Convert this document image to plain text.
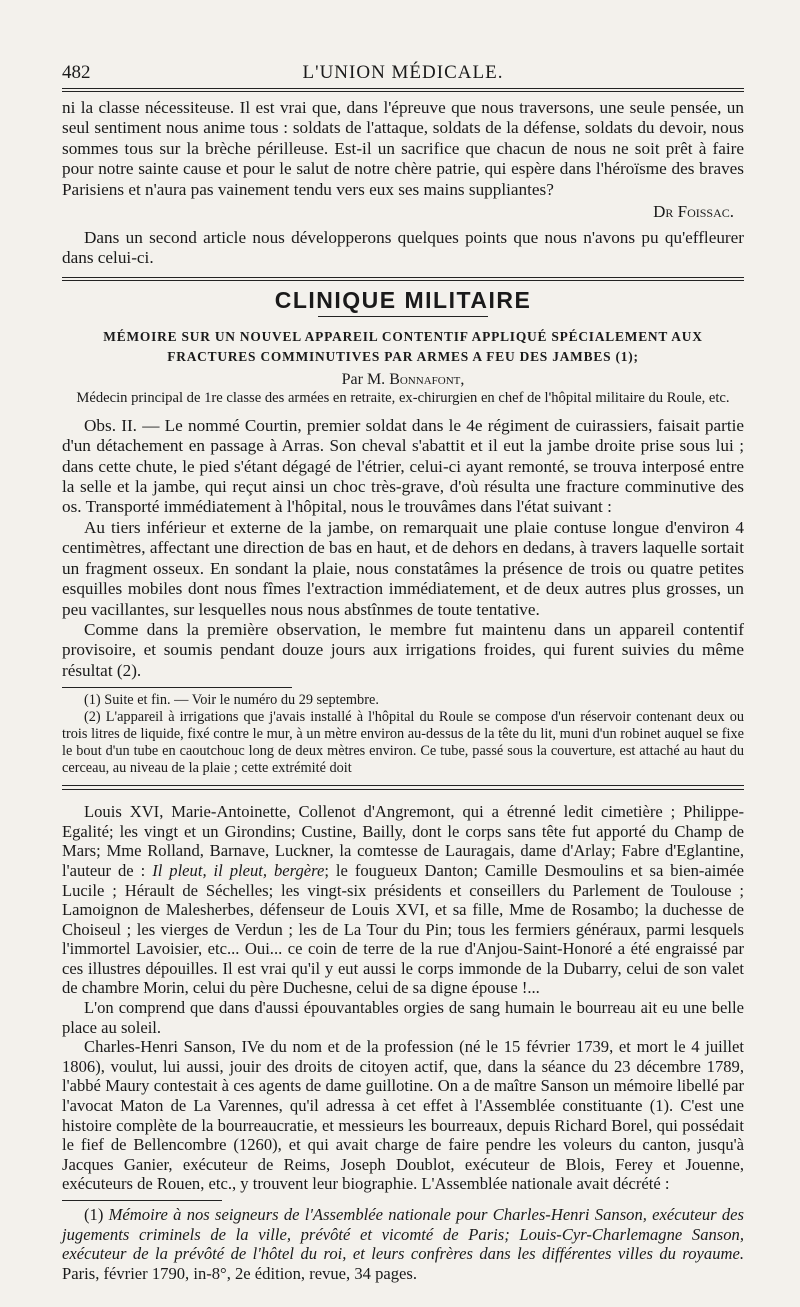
482	L'UNION MÉDICALE.

ni la classe nécessiteuse. Il est vrai que, dans l'épreuve que nous traversons, une seule pensée, un seul sentiment nous anime tous : soldats de l'attaque, soldats de la défense, soldats du devoir, nous sommes tous sur la brèche périlleuse. Est-il un sacrifice que chacun de nous ne soit prêt à faire pour notre sainte cause et pour le salut de notre chère patrie, qui espère dans l'héroïsme des braves Parisiens et n'aura pas vainement tendu vers eux ses mains suppliantes?

Dr Foissac.

Dans un second article nous développerons quelques points que nous n'avons pu qu'effleurer dans celui-ci.

CLINIQUE MILITAIRE
MÉMOIRE SUR UN NOUVEL APPAREIL CONTENTIF APPLIQUÉ SPÉCIALEMENT AUX FRACTURES COMMINUTIVES PAR ARMES A FEU DES JAMBES (1);
Par M. Bonnafont,
Médecin principal de 1re classe des armées en retraite, ex-chirurgien en chef de l'hôpital militaire du Roule, etc.

Obs. II. — Le nommé Courtin, premier soldat dans le 4e régiment de cuirassiers, faisait partie d'un détachement en passage à Arras. Son cheval s'abattit et il eut la jambe droite prise sous lui ; dans cette chute, le pied s'étant dégagé de l'étrier, celui-ci ayant remonté, se trouva interposé entre la selle et la jambe, qui reçut ainsi un choc très-grave, d'où résulta une fracture comminutive des os. Transporté immédiatement à l'hôpital, nous le trouvâmes dans l'état suivant :

Au tiers inférieur et externe de la jambe, on remarquait une plaie contuse longue d'environ 4 centimètres, affectant une direction de bas en haut, et de dehors en dedans, à travers laquelle sortait un fragment osseux. En sondant la plaie, nous constatâmes la présence de trois ou quatre petites esquilles mobiles dont nous fîmes l'extraction immédiatement, et de deux autres plus grosses, un peu vacillantes, sur lesquelles nous nous abstînmes de toute tentative.

Comme dans la première observation, le membre fut maintenu dans un appareil contentif provisoire, et soumis pendant douze jours aux irrigations froides, qui furent suivies du même résultat (2).

(1) Suite et fin. — Voir le numéro du 29 septembre.

(2) L'appareil à irrigations que j'avais installé à l'hôpital du Roule se compose d'un réservoir contenant deux ou trois litres de liquide, fixé contre le mur, à un mètre environ au-dessus de la tête du lit, muni d'un robinet auquel se fixe le bout d'un tube en caoutchouc long de deux mètres environ. Ce tube, passé sous la couverture, est attaché au haut du cerceau, au niveau de la plaie ; cette extrémité doit

Louis XVI, Marie-Antoinette, Collenot d'Angremont, qui a étrenné ledit cimetière ; Philippe-Egalité; les vingt et un Girondins; Custine, Bailly, dont le corps sans tête fut apporté du Champ de Mars; Mme Rolland, Barnave, Luckner, la comtesse de Lauragais, dame d'Arlay; Fabre d'Eglantine, l'auteur de : Il pleut, il pleut, bergère; le fougueux Danton; Camille Desmoulins et sa bien-aimée Lucile ; Hérault de Séchelles; les vingt-six présidents et conseillers du Parlement de Toulouse ; Lamoignon de Malesherbes, défenseur de Louis XVI, et sa fille, Mme de Rosambo; la duchesse de Choiseul ; les vierges de Verdun ; les de La Tour du Pin; tous les fermiers généraux, parmi lesquels l'immortel Lavoisier, etc... Oui... ce coin de terre de la rue d'Anjou-Saint-Honoré a été engraissé par ces illustres dépouilles. Il est vrai qu'il y eut aussi le corps immonde de la Dubarry, celui de son valet de chambre Morin, celui du père Duchesne, celui de sa digne épouse !...

L'on comprend que dans d'aussi épouvantables orgies de sang humain le bourreau ait eu une belle place au soleil.

Charles-Henri Sanson, IVe du nom et de la profession (né le 15 février 1739, et mort le 4 juillet 1806), voulut, lui aussi, jouir des droits de citoyen actif, que, dans la séance du 23 décembre 1789, l'abbé Maury contestait à ces agents de dame guillotine. On a de maître Sanson un mémoire libellé par l'avocat Maton de La Varennes, qu'il adressa à cet effet à l'Assemblée constituante (1). C'est une histoire complète de la bourreaucratie, et messieurs les bourreaux, depuis Richard Borel, qui possédait le fief de Bellencombre (1260), et qui avait charge de faire pendre les voleurs du canton, jusqu'à Jacques Ganier, exécuteur de Reims, Joseph Doublot, exécuteur de Blois, Ferey et Jouenne, exécuteurs de Rouen, etc., y trouvent leur biographie. L'Assemblée nationale avait décrété :

(1) Mémoire à nos seigneurs de l'Assemblée nationale pour Charles-Henri Sanson, exécuteur des jugements criminels de la ville, prévôté et vicomté de Paris; Louis-Cyr-Charlemagne Sanson, exécuteur de la prévôté de l'hôtel du roi, et leurs confrères dans les différentes villes du royaume. Paris, février 1790, in-8°, 2e édition, revue, 34 pages.
